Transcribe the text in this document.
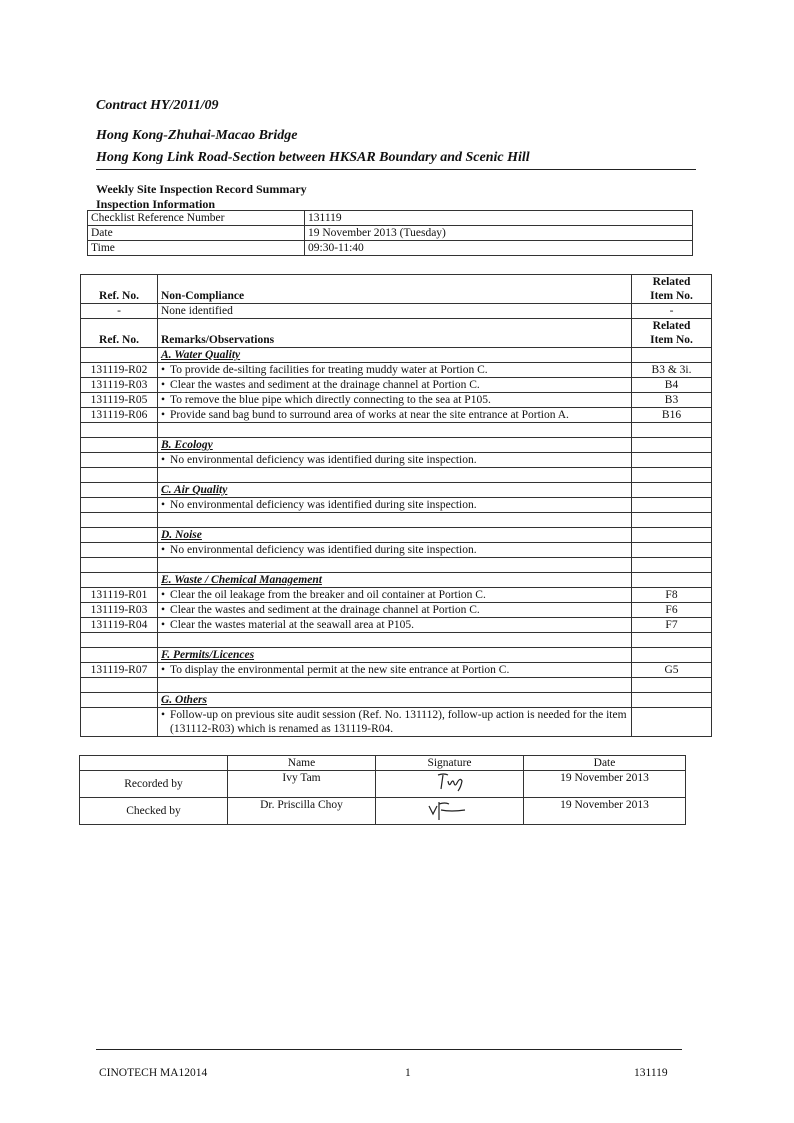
Contract HY/2011/09
Hong Kong-Zhuhai-Macao Bridge
Hong Kong Link Road-Section between HKSAR Boundary and Scenic Hill
Weekly Site Inspection Record Summary
Inspection Information
Checklist Reference Number	131119
Date	19 November 2013 (Tuesday)
Time	09:30-11:40
Ref. No.	Non-Compliance	Related
Item No.
-	None identified	-
Ref. No.	Remarks/Observations	Related
Item No.
	A. Water Quality	
131119-R02	• To provide de-silting facilities for treating muddy water at Portion C.	B3 & 3i.
131119-R03	• Clear the wastes and sediment at the drainage channel at Portion C.	B4
131119-R05	• To remove the blue pipe which directly connecting to the sea at P105.	B3
131119-R06	• Provide sand bag bund to surround area of works at near the site entrance at Portion A.	B16

	B. Ecology	
	• No environmental deficiency was identified during site inspection.	

	C. Air Quality	
	• No environmental deficiency was identified during site inspection.	

	D. Noise	
	• No environmental deficiency was identified during site inspection.	

	E. Waste / Chemical Management	
131119-R01	• Clear the oil leakage from the breaker and oil container at Portion C.	F8
131119-R03	• Clear the wastes and sediment at the drainage channel at Portion C.	F6
131119-R04	• Clear the wastes material at the seawall area at P105.	F7

	F. Permits/Licences	
131119-R07	• To display the environmental permit at the new site entrance at Portion C.	G5

	G. Others	

	• Follow-up on previous site audit session (Ref. No. 131112), follow-up action is needed for the item (131112-R03) which is renamed as 131119-R04.	

	Name	Signature	Date
Recorded by	Ivy Tam		19 November 2013
Checked by	Dr. Priscilla Choy		19 November 2013
CINOTECH MA12014	1	131119
